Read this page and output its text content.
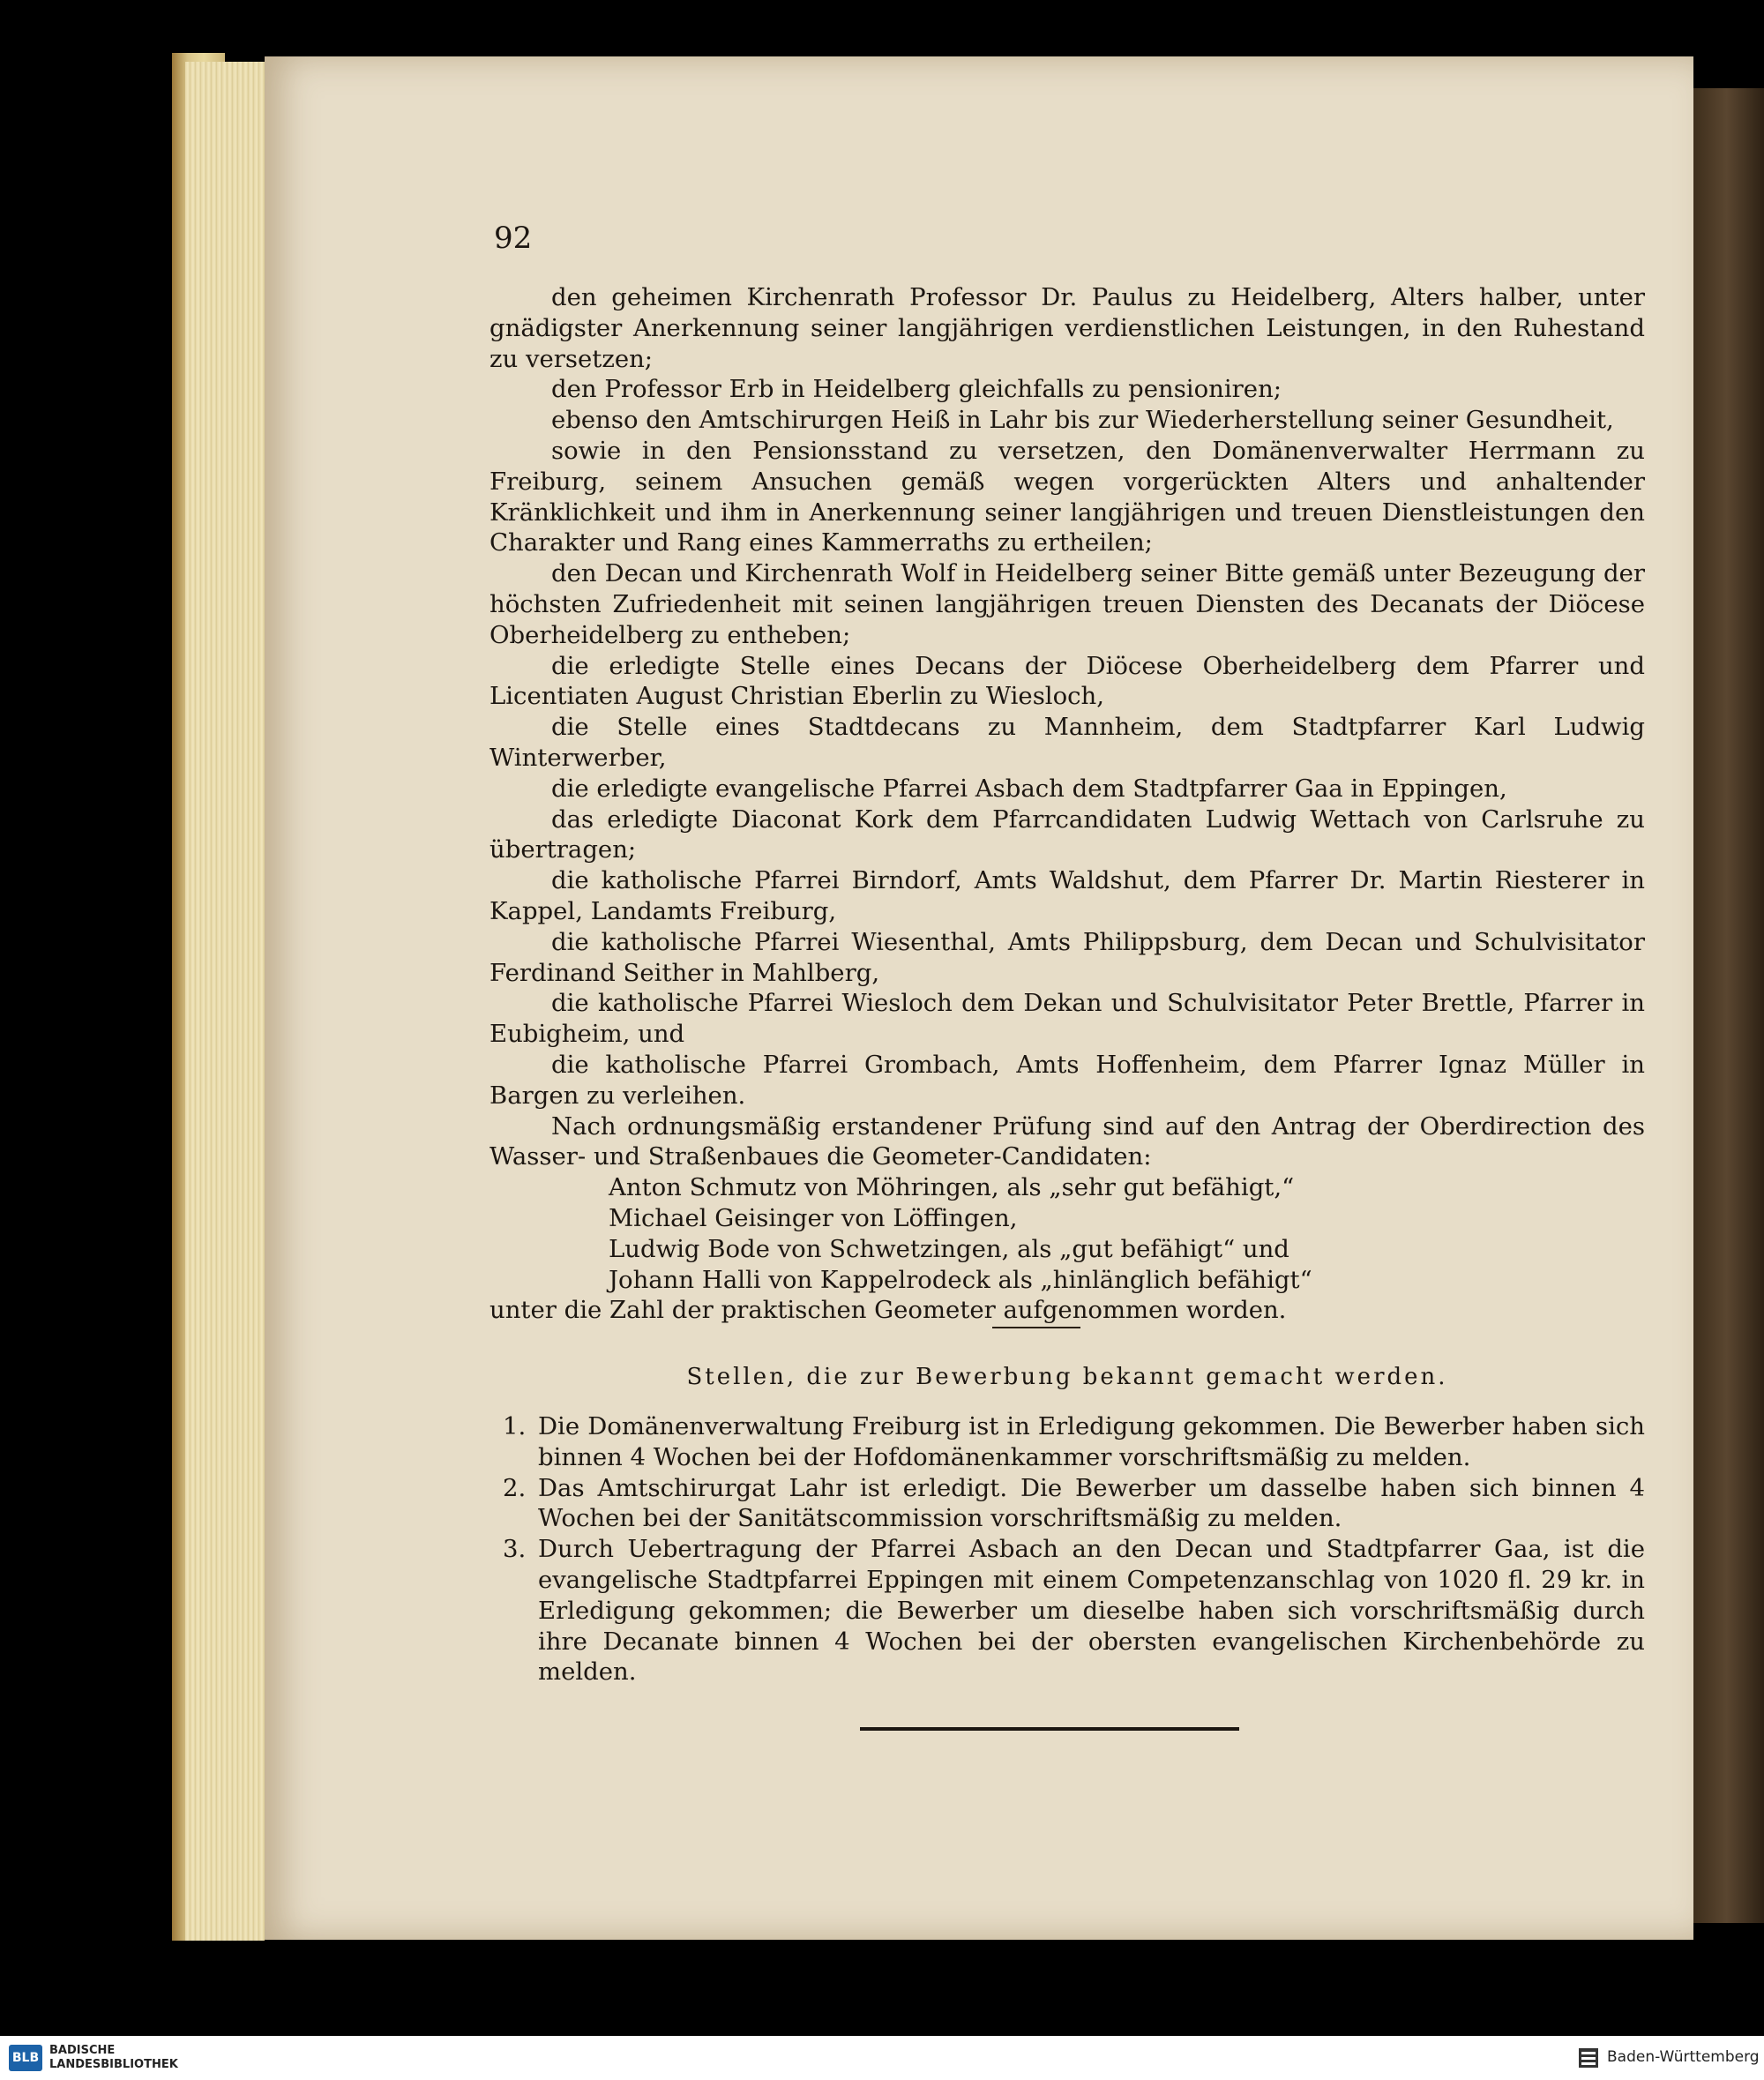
92

den geheimen Kirchenrath Professor Dr. Paulus zu Heidelberg, Alters halber, unter gnädigster Anerkennung seiner langjährigen verdienstlichen Leistungen, in den Ruhestand zu versetzen;

den Professor Erb in Heidelberg gleichfalls zu pensioniren;

ebenso den Amtschirurgen Heiß in Lahr bis zur Wiederherstellung seiner Gesundheit,

sowie in den Pensionsstand zu versetzen, den Domänenverwalter Herrmann zu Freiburg, seinem Ansuchen gemäß wegen vorgerückten Alters und anhaltender Kränklichkeit und ihm in Anerkennung seiner langjährigen und treuen Dienstleistungen den Charakter und Rang eines Kammerraths zu ertheilen;

den Decan und Kirchenrath Wolf in Heidelberg seiner Bitte gemäß unter Bezeugung der höchsten Zufriedenheit mit seinen langjährigen treuen Diensten des Decanats der Diöcese Oberheidelberg zu entheben;

die erledigte Stelle eines Decans der Diöcese Oberheidelberg dem Pfarrer und Licentiaten August Christian Eberlin zu Wiesloch,

die Stelle eines Stadtdecans zu Mannheim, dem Stadtpfarrer Karl Ludwig Winterwerber,

die erledigte evangelische Pfarrei Asbach dem Stadtpfarrer Gaa in Eppingen,

das erledigte Diaconat Kork dem Pfarrcandidaten Ludwig Wettach von Carlsruhe zu übertragen;

die katholische Pfarrei Birndorf, Amts Waldshut, dem Pfarrer Dr. Martin Riesterer in Kappel, Landamts Freiburg,

die katholische Pfarrei Wiesenthal, Amts Philippsburg, dem Decan und Schulvisitator Ferdinand Seither in Mahlberg,

die katholische Pfarrei Wiesloch dem Dekan und Schulvisitator Peter Brettle, Pfarrer in Eubigheim, und

die katholische Pfarrei Grombach, Amts Hoffenheim, dem Pfarrer Ignaz Müller in Bargen zu verleihen.

Nach ordnungsmäßig erstandener Prüfung sind auf den Antrag der Oberdirection des Wasser- und Straßenbaues die Geometer-Candidaten:

Anton Schmutz von Möhringen, als „sehr gut befähigt,“

Michael Geisinger von Löffingen,

Ludwig Bode von Schwetzingen, als „gut befähigt“ und

Johann Halli von Kappelrodeck als „hinlänglich befähigt“

unter die Zahl der praktischen Geometer aufgenommen worden.

Stellen, die zur Bewerbung bekannt gemacht werden.
1. Die Domänenverwaltung Freiburg ist in Erledigung gekommen. Die Bewerber haben sich binnen 4 Wochen bei der Hofdomänenkammer vorschriftsmäßig zu melden.
2. Das Amtschirurgat Lahr ist erledigt. Die Bewerber um dasselbe haben sich binnen 4 Wochen bei der Sanitätscommission vorschriftsmäßig zu melden.
3. Durch Uebertragung der Pfarrei Asbach an den Decan und Stadtpfarrer Gaa, ist die evangelische Stadtpfarrei Eppingen mit einem Competenzanschlag von 1020 fl. 29 kr. in Erledigung gekommen; die Bewerber um dieselbe haben sich vorschriftsmäßig durch ihre Decanate binnen 4 Wochen bei der obersten evangelischen Kirchenbehörde zu melden.
BLB
BADISCHE
LANDESBIBLIOTHEK	Baden-Württemberg
